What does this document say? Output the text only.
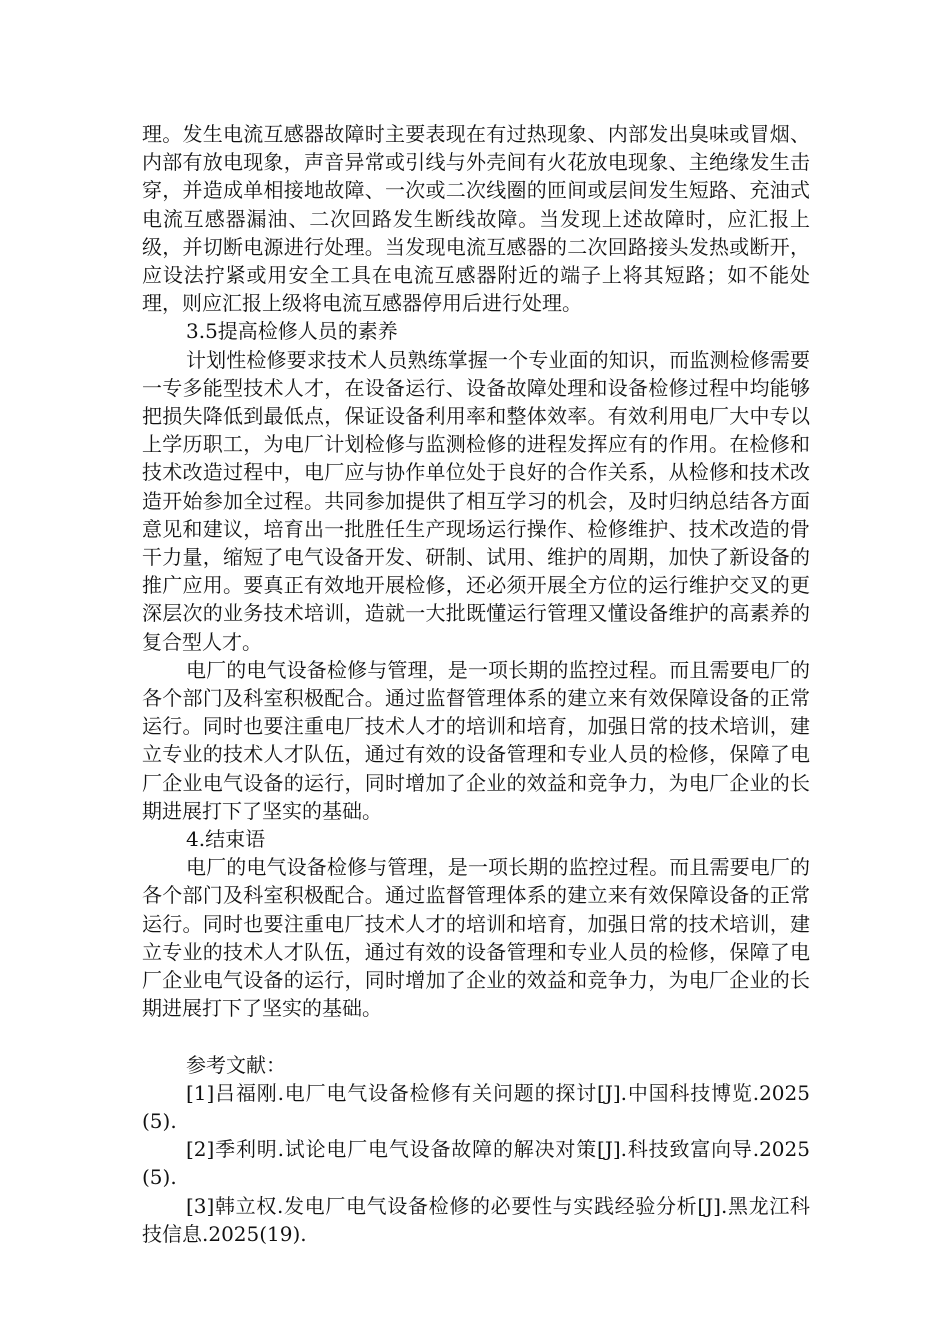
理。发生电流互感器故障时主要表现在有过热现象、内部发出臭味或冒烟、内部有放电现象，声音异常或引线与外壳间有火花放电现象、主绝缘发生击穿，并造成单相接地故障、一次或二次线圈的匝间或层间发生短路、充油式电流互感器漏油、二次回路发生断线故障。当发现上述故障时，应汇报上级，并切断电源进行处理。当发现电流互感器的二次回路接头发热或断开，应设法拧紧或用安全工具在电流互感器附近的端子上将其短路；如不能处理，则应汇报上级将电流互感器停用后进行处理。

3.5提高检修人员的素养

计划性检修要求技术人员熟练掌握一个专业面的知识，而监测检修需要一专多能型技术人才，在设备运行、设备故障处理和设备检修过程中均能够把损失降低到最低点，保证设备利用率和整体效率。有效利用电厂大中专以上学历职工，为电厂计划检修与监测检修的进程发挥应有的作用。在检修和技术改造过程中，电厂应与协作单位处于良好的合作关系，从检修和技术改造开始参加全过程。共同参加提供了相互学习的机会，及时归纳总结各方面意见和建议，培育出一批胜任生产现场运行操作、检修维护、技术改造的骨干力量，缩短了电气设备开发、研制、试用、维护的周期，加快了新设备的推广应用。要真正有效地开展检修，还必须开展全方位的运行维护交叉的更深层次的业务技术培训，造就一大批既懂运行管理又懂设备维护的高素养的复合型人才。

电厂的电气设备检修与管理，是一项长期的监控过程。而且需要电厂的各个部门及科室积极配合。通过监督管理体系的建立来有效保障设备的正常运行。同时也要注重电厂技术人才的培训和培育，加强日常的技术培训，建立专业的技术人才队伍，通过有效的设备管理和专业人员的检修，保障了电厂企业电气设备的运行，同时增加了企业的效益和竞争力，为电厂企业的长期进展打下了坚实的基础。

4.结束语

电厂的电气设备检修与管理，是一项长期的监控过程。而且需要电厂的各个部门及科室积极配合。通过监督管理体系的建立来有效保障设备的正常运行。同时也要注重电厂技术人才的培训和培育，加强日常的技术培训，建立专业的技术人才队伍，通过有效的设备管理和专业人员的检修，保障了电厂企业电气设备的运行，同时增加了企业的效益和竞争力，为电厂企业的长期进展打下了坚实的基础。

参考文献：

[1]吕福刚.电厂电气设备检修有关问题的探讨[J].中国科技博览.2025(5).

[2]季利明.试论电厂电气设备故障的解决对策[J].科技致富向导.2025(5).

[3]韩立权.发电厂电气设备检修的必要性与实践经验分析[J].黑龙江科技信息.2025(19).
